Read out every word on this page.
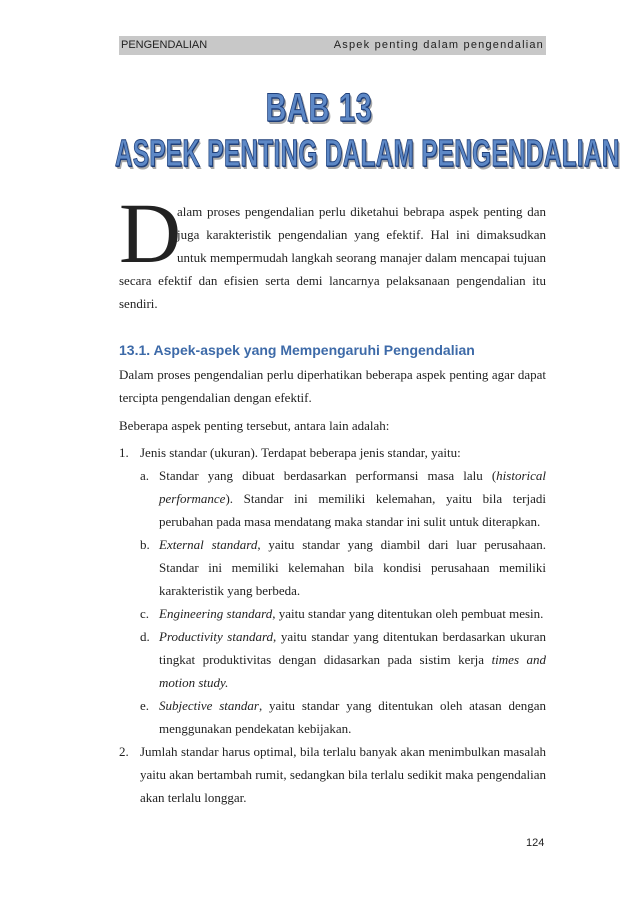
PENGENDALIAN	Aspek penting dalam pengendalian
BAB 13
ASPEK PENTING DALAM PENGENDALIAN
D
alam proses pengendalian perlu diketahui bebrapa aspek penting dan
juga karakteristik pengendalian yang efektif. Hal ini dimaksudkan
untuk mempermudah langkah seorang manajer dalam mencapai tujuan
secara efektif dan efisien serta demi lancarnya pelaksanaan pengendalian itu
sendiri.
13.1. Aspek-aspek yang Mempengaruhi Pengendalian
Dalam proses pengendalian perlu diperhatikan beberapa aspek penting agar dapat
tercipta pengendalian dengan efektif.
Beberapa aspek penting tersebut, antara lain adalah:
1. Jenis standar (ukuran). Terdapat beberapa jenis standar, yaitu:
a. Standar yang dibuat berdasarkan performansi masa lalu (historical
performance). Standar ini memiliki kelemahan, yaitu bila terjadi
perubahan pada masa mendatang maka standar ini sulit untuk diterapkan.
b. External standard, yaitu standar yang diambil dari luar perusahaan.
Standar ini memiliki kelemahan bila kondisi perusahaan memiliki
karakteristik yang berbeda.
c. Engineering standard, yaitu standar yang ditentukan oleh pembuat mesin.
d. Productivity standard, yaitu standar yang ditentukan berdasarkan ukuran
tingkat produktivitas dengan didasarkan pada sistim kerja times and
motion study.
e. Subjective standar, yaitu standar yang ditentukan oleh atasan dengan
menggunakan pendekatan kebijakan.
2. Jumlah standar harus optimal, bila terlalu banyak akan menimbulkan masalah
yaitu akan bertambah rumit, sedangkan bila terlalu sedikit maka pengendalian
akan terlalu longgar.
124
